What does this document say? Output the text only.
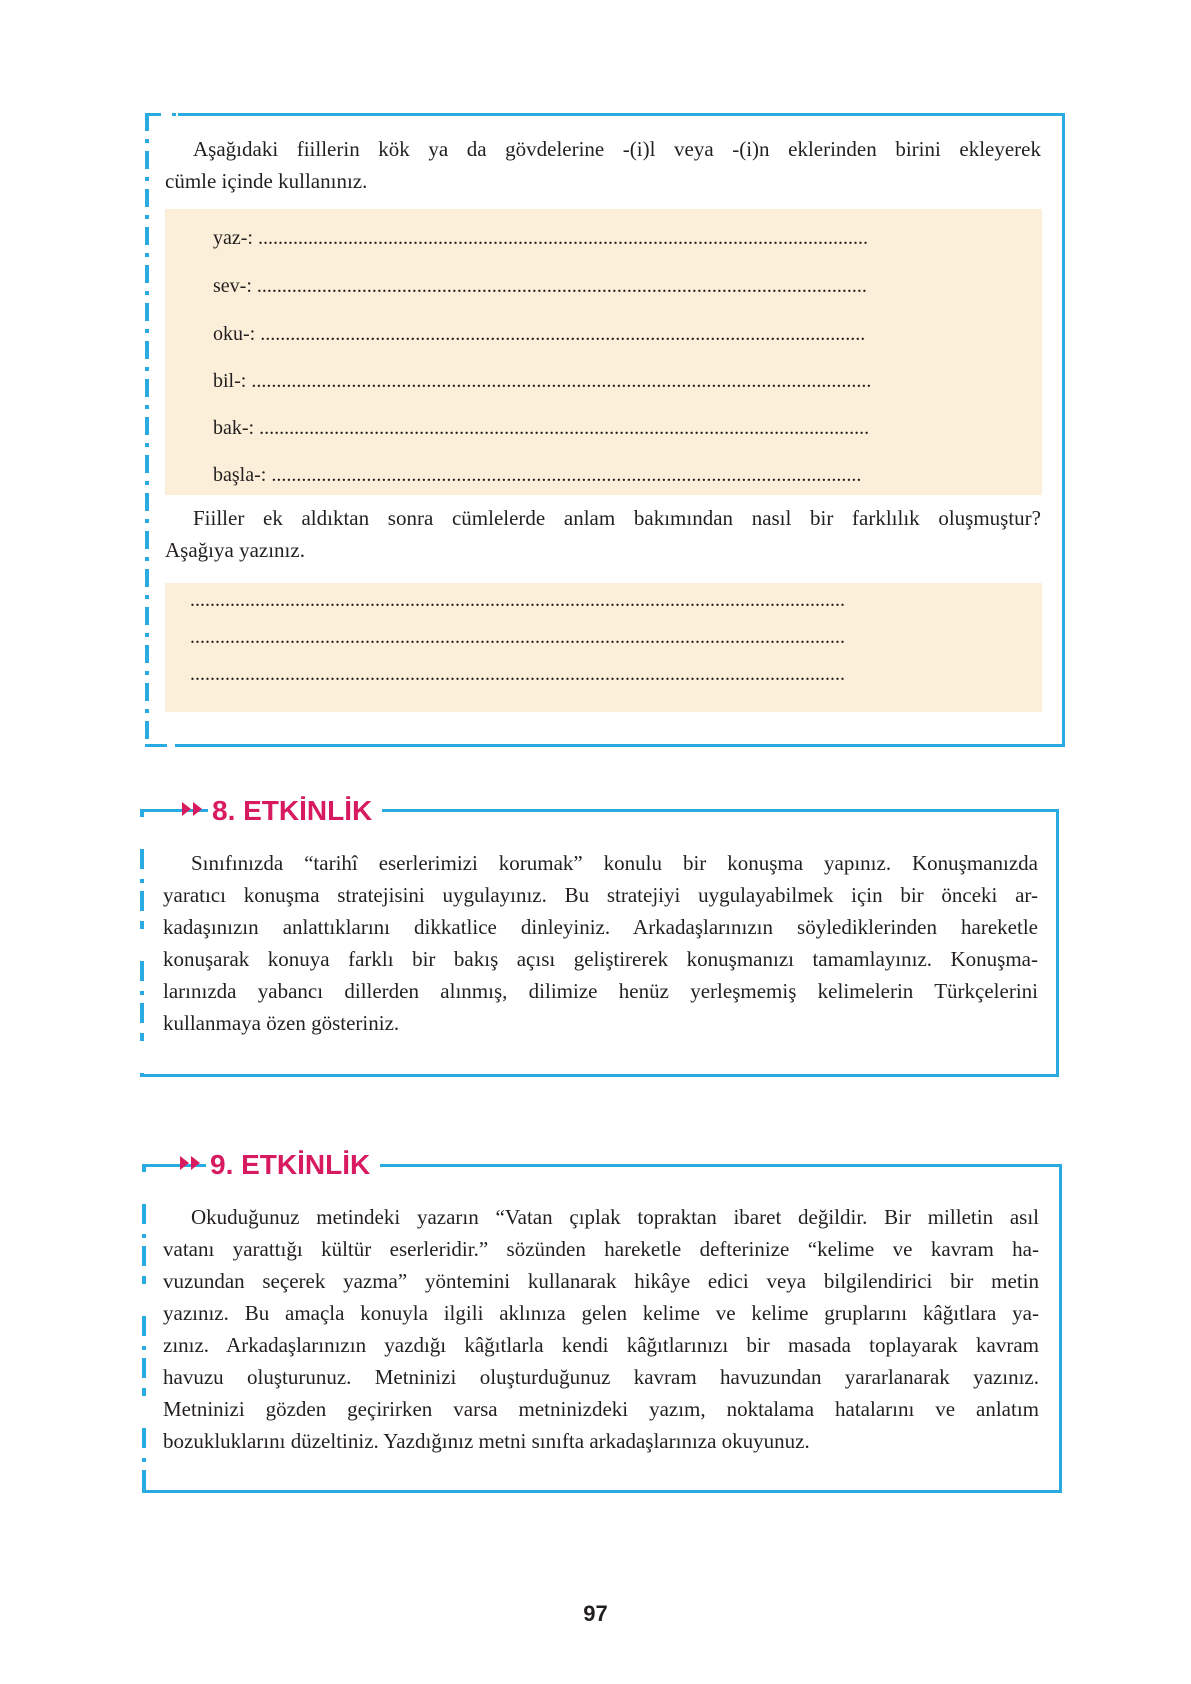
Aşağıdaki fiillerin kök ya da gövdelerine -(i)l veya -(i)n eklerinden birini ekleyerek
cümle içinde kullanınız.
yaz-: ..........................................................................................................................
sev-: ..........................................................................................................................
oku-: .........................................................................................................................
bil-: ............................................................................................................................
bak-: ..........................................................................................................................
başla-: ......................................................................................................................
Fiiller ek aldıktan sonra cümlelerde anlam bakımından nasıl bir farklılık oluşmuştur?
Aşağıya yazınız.
...................................................................................................................................
...................................................................................................................................
...................................................................................................................................
8. ETKİNLİK
Sınıfınızda “tarihî eserlerimizi korumak” konulu bir konuşma yapınız. Konuşmanızda
yaratıcı konuşma stratejisini uygulayınız. Bu stratejiyi uygulayabilmek için bir önceki ar-
kadaşınızın anlattıklarını dikkatlice dinleyiniz. Arkadaşlarınızın söylediklerinden hareketle
konuşarak konuya farklı bir bakış açısı geliştirerek konuşmanızı tamamlayınız. Konuşma-
larınızda yabancı dillerden alınmış, dilimize henüz yerleşmemiş kelimelerin Türkçelerini
kullanmaya özen gösteriniz.
9. ETKİNLİK
Okuduğunuz metindeki yazarın “Vatan çıplak topraktan ibaret değildir. Bir milletin asıl
vatanı yarattığı kültür eserleridir.” sözünden hareketle defterinize “kelime ve kavram ha-
vuzundan seçerek yazma” yöntemini kullanarak hikâye edici veya bilgilendirici bir metin
yazınız. Bu amaçla konuyla ilgili aklınıza gelen kelime ve kelime gruplarını kâğıtlara ya-
zınız. Arkadaşlarınızın yazdığı kâğıtlarla kendi kâğıtlarınızı bir masada toplayarak kavram
havuzu oluşturunuz. Metninizi oluşturduğunuz kavram havuzundan yararlanarak yazınız.
Metninizi gözden geçirirken varsa metninizdeki yazım, noktalama hatalarını ve anlatım
bozukluklarını düzeltiniz. Yazdığınız metni sınıfta arkadaşlarınıza okuyunuz.
97
